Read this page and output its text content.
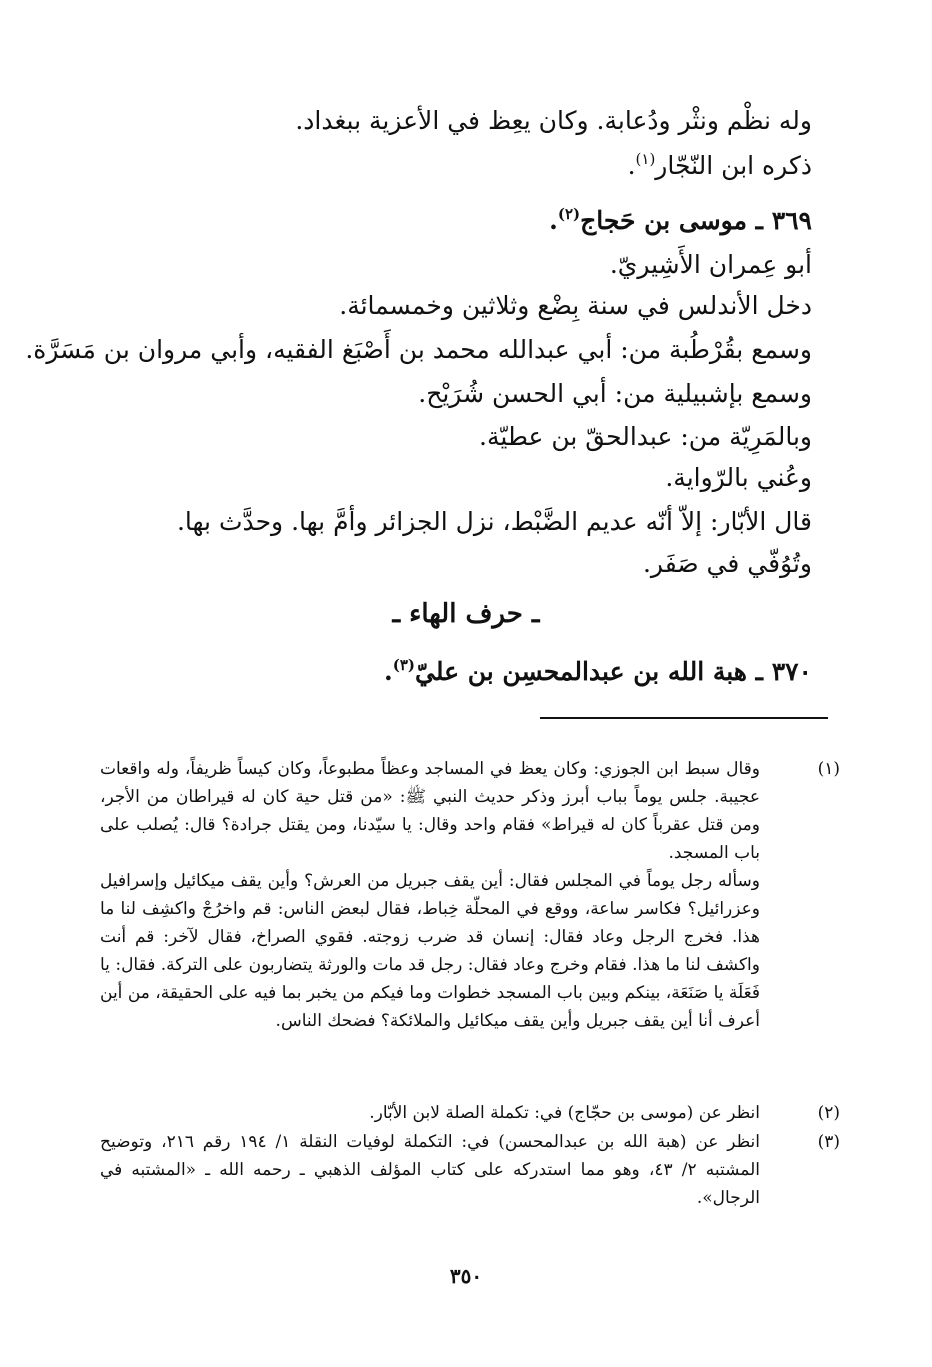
وله نظْم ونثْر ودُعابة. وكان يعِظ في الأعزية ببغداد.
ذكره ابن النّجّار$^{(١)}$.
٣٦٩ ـ موسى بن حَجاج$^{(٢)}$.
أبو عِمران الأَشِيريّ.
دخل الأندلس في سنة بِضْع وثلاثين وخمسمائة.
وسمع بقُرْطُبة من: أبي عبدالله محمد بن أَصْبَغ الفقيه، وأبي مروان بن مَسَرَّة.
وسمع بإشبيلية من: أبي الحسن شُرَيْح.
وبالمَرِيّة من: عبدالحقّ بن عطيّة.
وعُني بالرّواية.
قال الأبّار: إلاّ أنّه عديم الضَّبْط، نزل الجزائر وأمَّ بها. وحدَّث بها.
وتُوُفّي في صَفَر.
ـ حرف الهاء ـ
٣٧٠ ـ هبة الله بن عبدالمحسِن بن عليّ$^{(٣)}$.
(١)

وقال سبط ابن الجوزي: وكان يعظ في المساجد وعظاً مطبوعاً، وكان كيساً ظريفاً، وله واقعات عجيبة. جلس يوماً بباب أبرز وذكر حديث النبي ﷺ: «من قتل حية كان له قيراطان من الأجر، ومن قتل عقرباً كان له قيراط» فقام واحد وقال: يا سيّدنا، ومن يقتل جرادة؟ قال: يُصلب على باب المسجد.

وسأله رجل يوماً في المجلس فقال: أين يقف جبريل من العرش؟ وأين يقف ميكائيل وإسرافيل وعزرائيل؟ فكاسر ساعة، ووقع في المحلّة خِباط، فقال لبعض الناس: قم واخرُجْ واكشِف لنا ما هذا. فخرج الرجل وعاد فقال: إنسان قد ضرب زوجته. فقوي الصراخ، فقال لآخر: قم أنت واكشف لنا ما هذا. فقام وخرج وعاد فقال: رجل قد مات والورثة يتضاربون على التركة. فقال: يا فَعَلَة يا صَنَعَة، بينكم وبين باب المسجد خطوات وما فيكم من يخبر بما فيه على الحقيقة، من أين أعرف أنا أين يقف جبريل وأين يقف ميكائيل والملائكة؟ فضحك الناس.

(٢)

انظر عن (موسى بن حجّاج) في: تكملة الصلة لابن الأبّار.

(٣)

انظر عن (هبة الله بن عبدالمحسن) في: التكملة لوفيات النقلة ١/ ١٩٤ رقم ٢١٦، وتوضيح المشتبه ٢/ ٤٣، وهو مما استدركه على كتاب المؤلف الذهبي ـ رحمه الله ـ «المشتبه في الرجال».

٣٥٠
